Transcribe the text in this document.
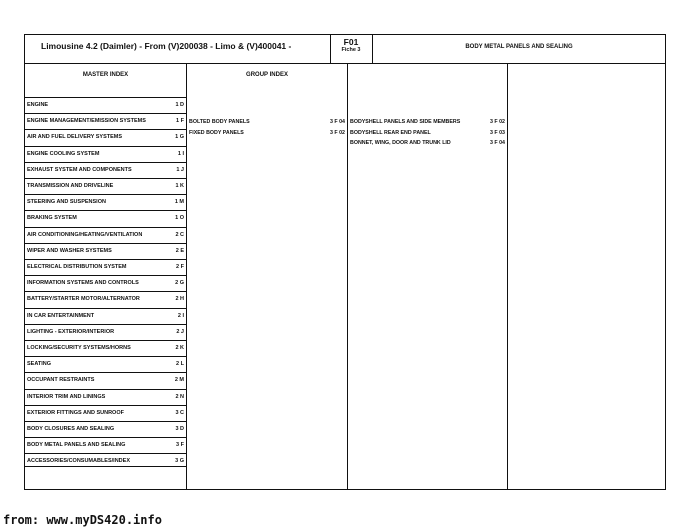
Limousine 4.2 (Daimler) - From (V)200038 - Limo & (V)400041 -	F01
Fiche 3	BODY METAL PANELS AND SEALING
MASTER INDEX	GROUP INDEX
ENGINE	1 D
ENGINE MANAGEMENT/EMISSION SYSTEMS	1 F
AIR AND FUEL DELIVERY SYSTEMS	1 G
ENGINE COOLING SYSTEM	1 I
EXHAUST SYSTEM AND COMPONENTS	1 J
TRANSMISSION AND DRIVELINE	1 K
STEERING AND SUSPENSION	1 M
BRAKING SYSTEM	1 O
AIR CONDITIONING/HEATING/VENTILATION	2 C
WIPER AND WASHER SYSTEMS	2 E
ELECTRICAL DISTRIBUTION SYSTEM	2 F
INFORMATION SYSTEMS AND CONTROLS	2 G
BATTERY/STARTER MOTOR/ALTERNATOR	2 H
IN CAR ENTERTAINMENT	2 I
LIGHTING - EXTERIOR/INTERIOR	2 J
LOCKING/SECURITY SYSTEMS/HORNS	2 K
SEATING	2 L
OCCUPANT RESTRAINTS	2 M
INTERIOR TRIM AND LININGS	2 N
EXTERIOR FITTINGS AND SUNROOF	3 C
BODY CLOSURES AND SEALING	3 D
BODY METAL PANELS AND SEALING	3 F
ACCESSORIES/CONSUMABLES/INDEX	3 G
BOLTED BODY PANELS	3 F 04
FIXED BODY PANELS	3 F 02
BODYSHELL PANELS AND SIDE MEMBERS	3 F 02
BODYSHELL REAR END PANEL	3 F 03
BONNET, WING, DOOR AND TRUNK LID	3 F 04
from: www.myDS420.info
